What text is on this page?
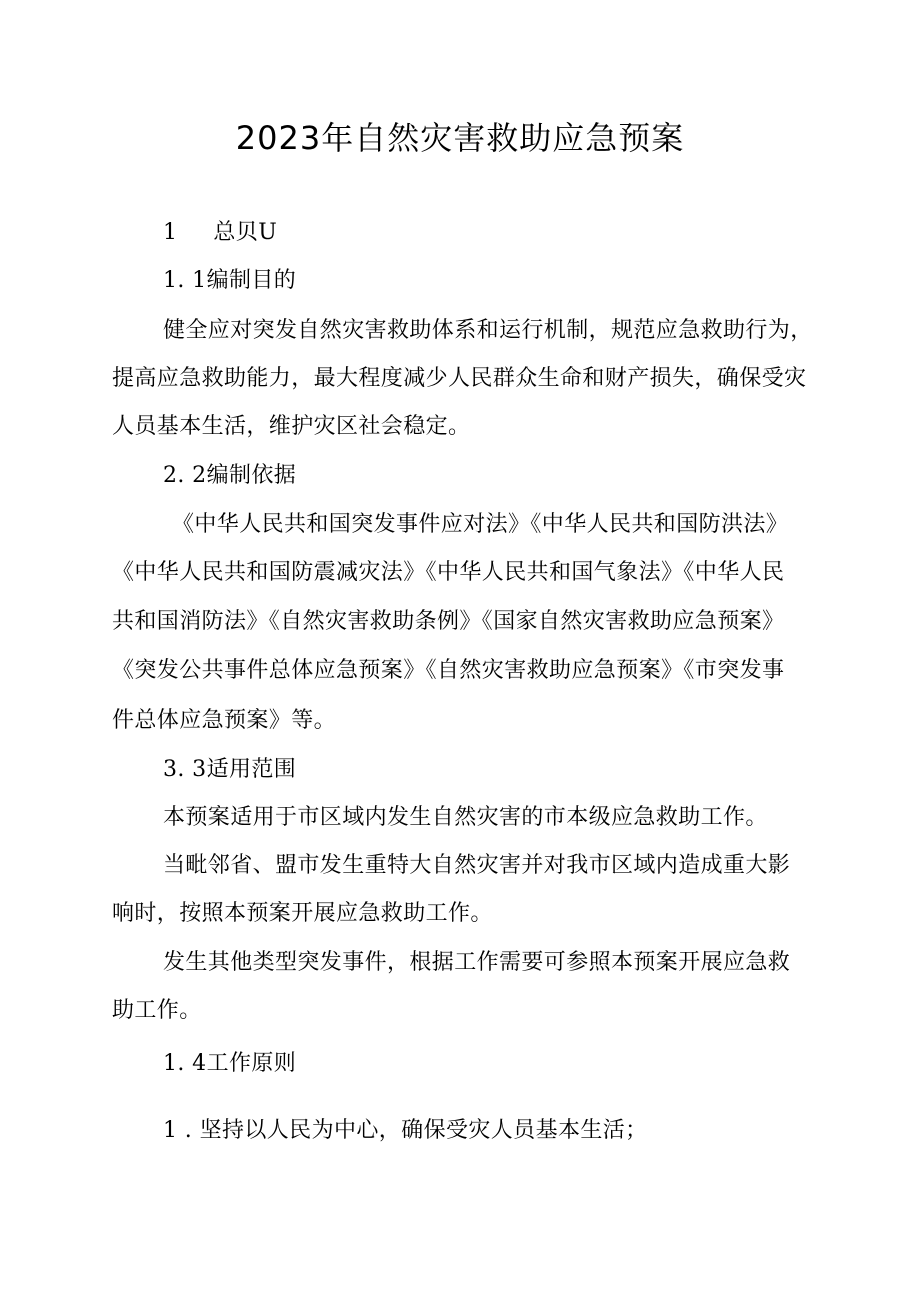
2023年自然灾害救助应急预案
1 总贝U
1. 1编制目的
健全应对突发自然灾害救助体系和运行机制，规范应急救助行为，
提高应急救助能力，最大程度减少人民群众生命和财产损失，确保受灾
人员基本生活，维护灾区社会稳定。
2. 2编制依据
《中华人民共和国突发事件应对法》《中华人民共和国防洪法》
《中华人民共和国防震减灾法》《中华人民共和国气象法》《中华人民
共和国消防法》《自然灾害救助条例》《国家自然灾害救助应急预案》
《突发公共事件总体应急预案》《自然灾害救助应急预案》《市突发事
件总体应急预案》等。
3. 3适用范围
本预案适用于市区域内发生自然灾害的市本级应急救助工作。
当毗邻省、盟市发生重特大自然灾害并对我市区域内造成重大影
响时，按照本预案开展应急救助工作。
发生其他类型突发事件，根据工作需要可参照本预案开展应急救
助工作。
1. 4工作原则
1 . 坚持以人民为中心，确保受灾人员基本生活；
